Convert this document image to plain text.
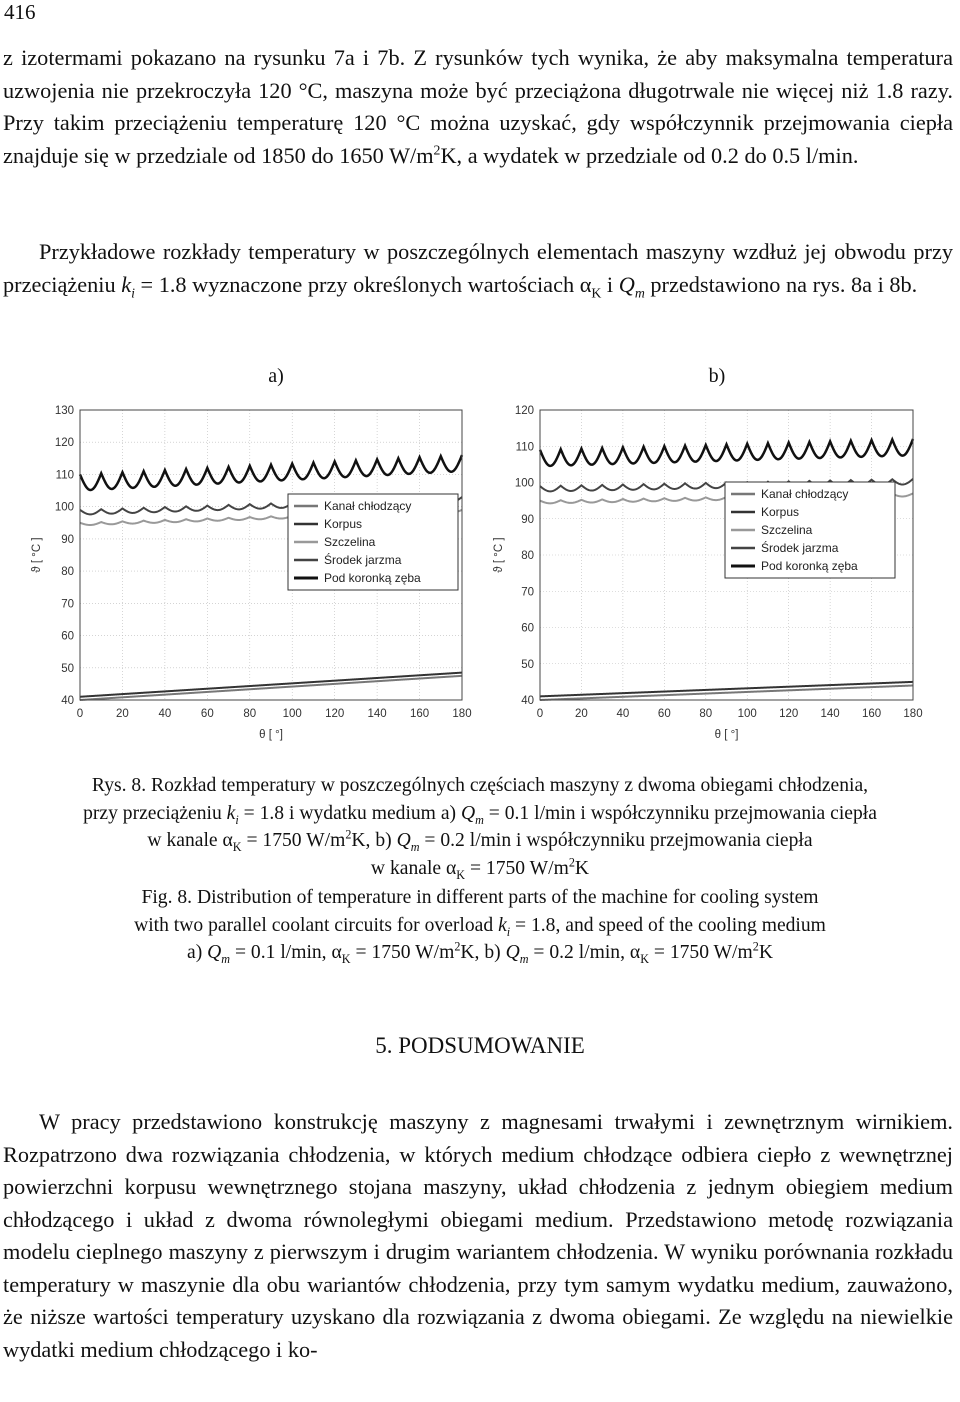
416
z izotermami pokazano na rysunku 7a i 7b. Z rysunków tych wynika, że aby maksymalna temperatura uzwojenia nie przekroczyła 120 °C, maszyna może być przeciążona długotrwale nie więcej niż 1.8 razy. Przy takim przeciążeniu temperaturę 120 °C można uzyskać, gdy współczynnik przejmowania ciepła znajduje się w przedziale od 1850 do 1650 $W/m^2K$, a wydatek w przedziale od 0.2 do 0.5 l/min.
Przykładowe rozkłady temperatury w poszczególnych elementach maszyny wzdłuż jej obwodu przy przeciążeniu $k_i = 1.8$ wyznaczone przy określonych wartościach $\alpha_K$ i $Q_m$ przedstawiono na rys. 8a i 8b.
a)
0	20	40	60	80 100 120 140 160 180
40
50
60
70
80
90
100
110
120
130
θ [ °]
ϑ [ °C ]
Kanał chłodzący
Korpus
Szczelina
Środek jarzma
Pod koronką zęba
b)
0	20 40 60 80 100 120 140 160 180
40
50
60
70
80
90
100
110
120
θ [ °]
ϑ [ °C ]
Kanał chłodzący
Korpus
Szczelina
Środek jarzma
Pod koronką zęba
Rys. 8. Rozkład temperatury w poszczególnych częściach maszyny z dwoma obiegami chłodzenia,
przy przeciążeniu $k_i = 1.8$ i wydatku medium a) $Q_m = 0.1$ l/min i współczynniku przejmowania ciepła
w kanale $\alpha_K = 1750$ $W/m^2K$, b) $Q_m = 0.2$ l/min i współczynniku przejmowania ciepła
w kanale $\alpha_K = 1750$ $W/m^2K$
Fig. 8. Distribution of temperature in different parts of the machine for cooling system
with two parallel coolant circuits for overload $k_i = 1.8$, and speed of the cooling medium
a) $Q_m = 0.1$ l/min, $\alpha_K = 1750$ $W/m^2K$, b) $Q_m = 0.2$ l/min, $\alpha_K = 1750$ $W/m^2K$
5. PODSUMOWANIE
W pracy przedstawiono konstrukcję maszyny z magnesami trwałymi i zewnętrznym wirnikiem. Rozpatrzono dwa rozwiązania chłodzenia, w których medium chłodzące odbiera ciepło z wewnętrznej powierzchni korpusu wewnętrznego stojana maszyny, układ chłodzenia z jednym obiegiem medium chłodzącego i układ z dwoma równoległymi obiegami medium. Przedstawiono metodę rozwiązania modelu cieplnego maszyny z pierwszym i drugim wariantem chłodzenia. W wyniku porównania rozkładu temperatury w maszynie dla obu wariantów chłodzenia, przy tym samym wydatku medium, zauważono, że niższe wartości temperatury uzyskano dla rozwiązania z dwoma obiegami. Ze względu na niewielkie wydatki medium chłodzącego i ko-
